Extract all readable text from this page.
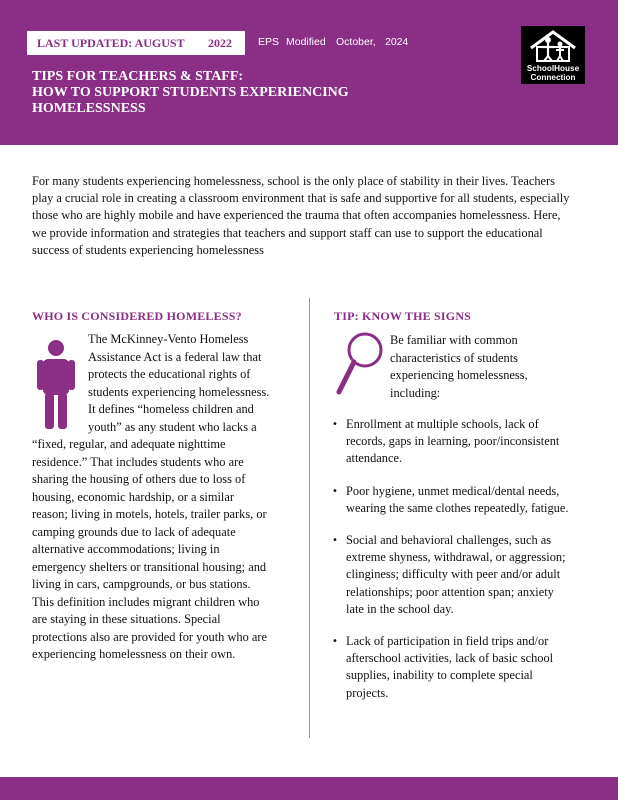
LAST UPDATED: AUGUST 2022 EPS Modified October, 2024
TIPS FOR TEACHERS & STAFF:
HOW TO SUPPORT STUDENTS EXPERIENCING
HOMELESSNESS
SchoolHouse
Connection
For many students experiencing homelessness, school is the only place of stability in their lives. Teachers play a crucial role in creating a classroom environment that is safe and supportive for all students, especially those who are highly mobile and have experienced the trauma that often accompanies homelessness. Here, we provide information and strategies that teachers and support staff can use to support the educational success of students experiencing homelessness
WHO IS CONSIDERED HOMELESS?
The McKinney-Vento Homeless Assistance Act is a federal law that protects the educational rights of students experiencing homelessness. It defines “homeless children and youth” as any student who lacks a “fixed, regular, and adequate nighttime residence.” That includes students who are sharing the housing of others due to loss of housing, economic hardship, or a similar reason; living in motels, hotels, trailer parks, or camping grounds due to lack of adequate alternative accommodations; living in emergency shelters or transitional housing; and living in cars, campgrounds, or bus stations. This definition includes migrant children who are staying in these situations. Special protections also are provided for youth who are experiencing homelessness on their own.
TIP: KNOW THE SIGNS
Be familiar with common characteristics of students experiencing homelessness, including:
• Enrollment at multiple schools, lack of records, gaps in learning, poor/inconsistent attendance.
• Poor hygiene, unmet medical/dental needs, wearing the same clothes repeatedly, fatigue.
• Social and behavioral challenges, such as extreme shyness, withdrawal, or aggression; clinginess; difficulty with peer and/or adult relationships; poor attention span; anxiety late in the school day.
• Lack of participation in field trips and/or afterschool activities, lack of basic school supplies, inability to complete special projects.
